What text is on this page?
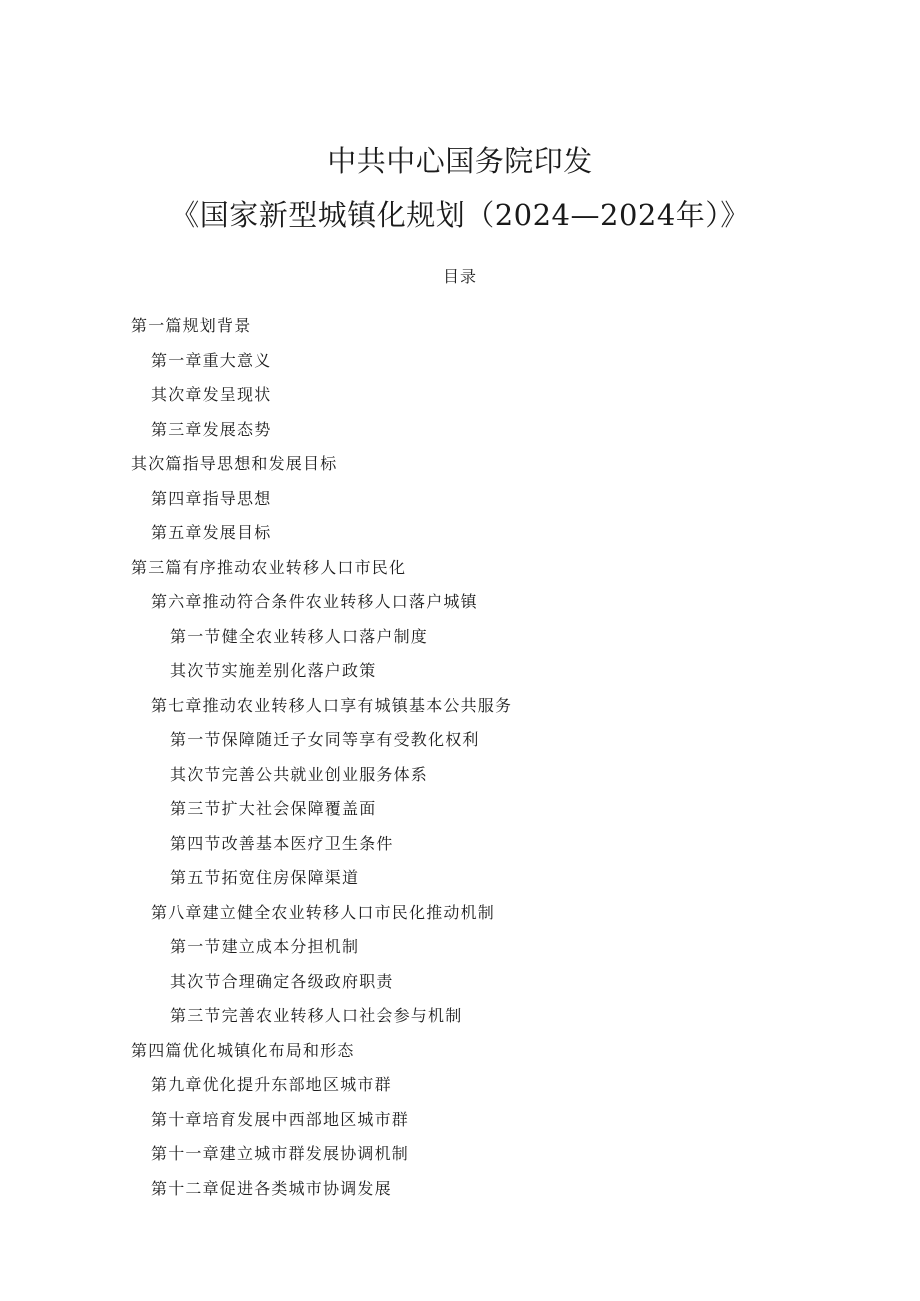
中共中心国务院印发
《国家新型城镇化规划（2024—2024年）》
目录
第一篇规划背景
第一章重大意义
其次章发呈现状
第三章发展态势
其次篇指导思想和发展目标
第四章指导思想
第五章发展目标
第三篇有序推动农业转移人口市民化
第六章推动符合条件农业转移人口落户城镇
第一节健全农业转移人口落户制度
其次节实施差别化落户政策
第七章推动农业转移人口享有城镇基本公共服务
第一节保障随迁子女同等享有受教化权利
其次节完善公共就业创业服务体系
第三节扩大社会保障覆盖面
第四节改善基本医疗卫生条件
第五节拓宽住房保障渠道
第八章建立健全农业转移人口市民化推动机制
第一节建立成本分担机制
其次节合理确定各级政府职责
第三节完善农业转移人口社会参与机制
第四篇优化城镇化布局和形态
第九章优化提升东部地区城市群
第十章培育发展中西部地区城市群
第十一章建立城市群发展协调机制
第十二章促进各类城市协调发展
